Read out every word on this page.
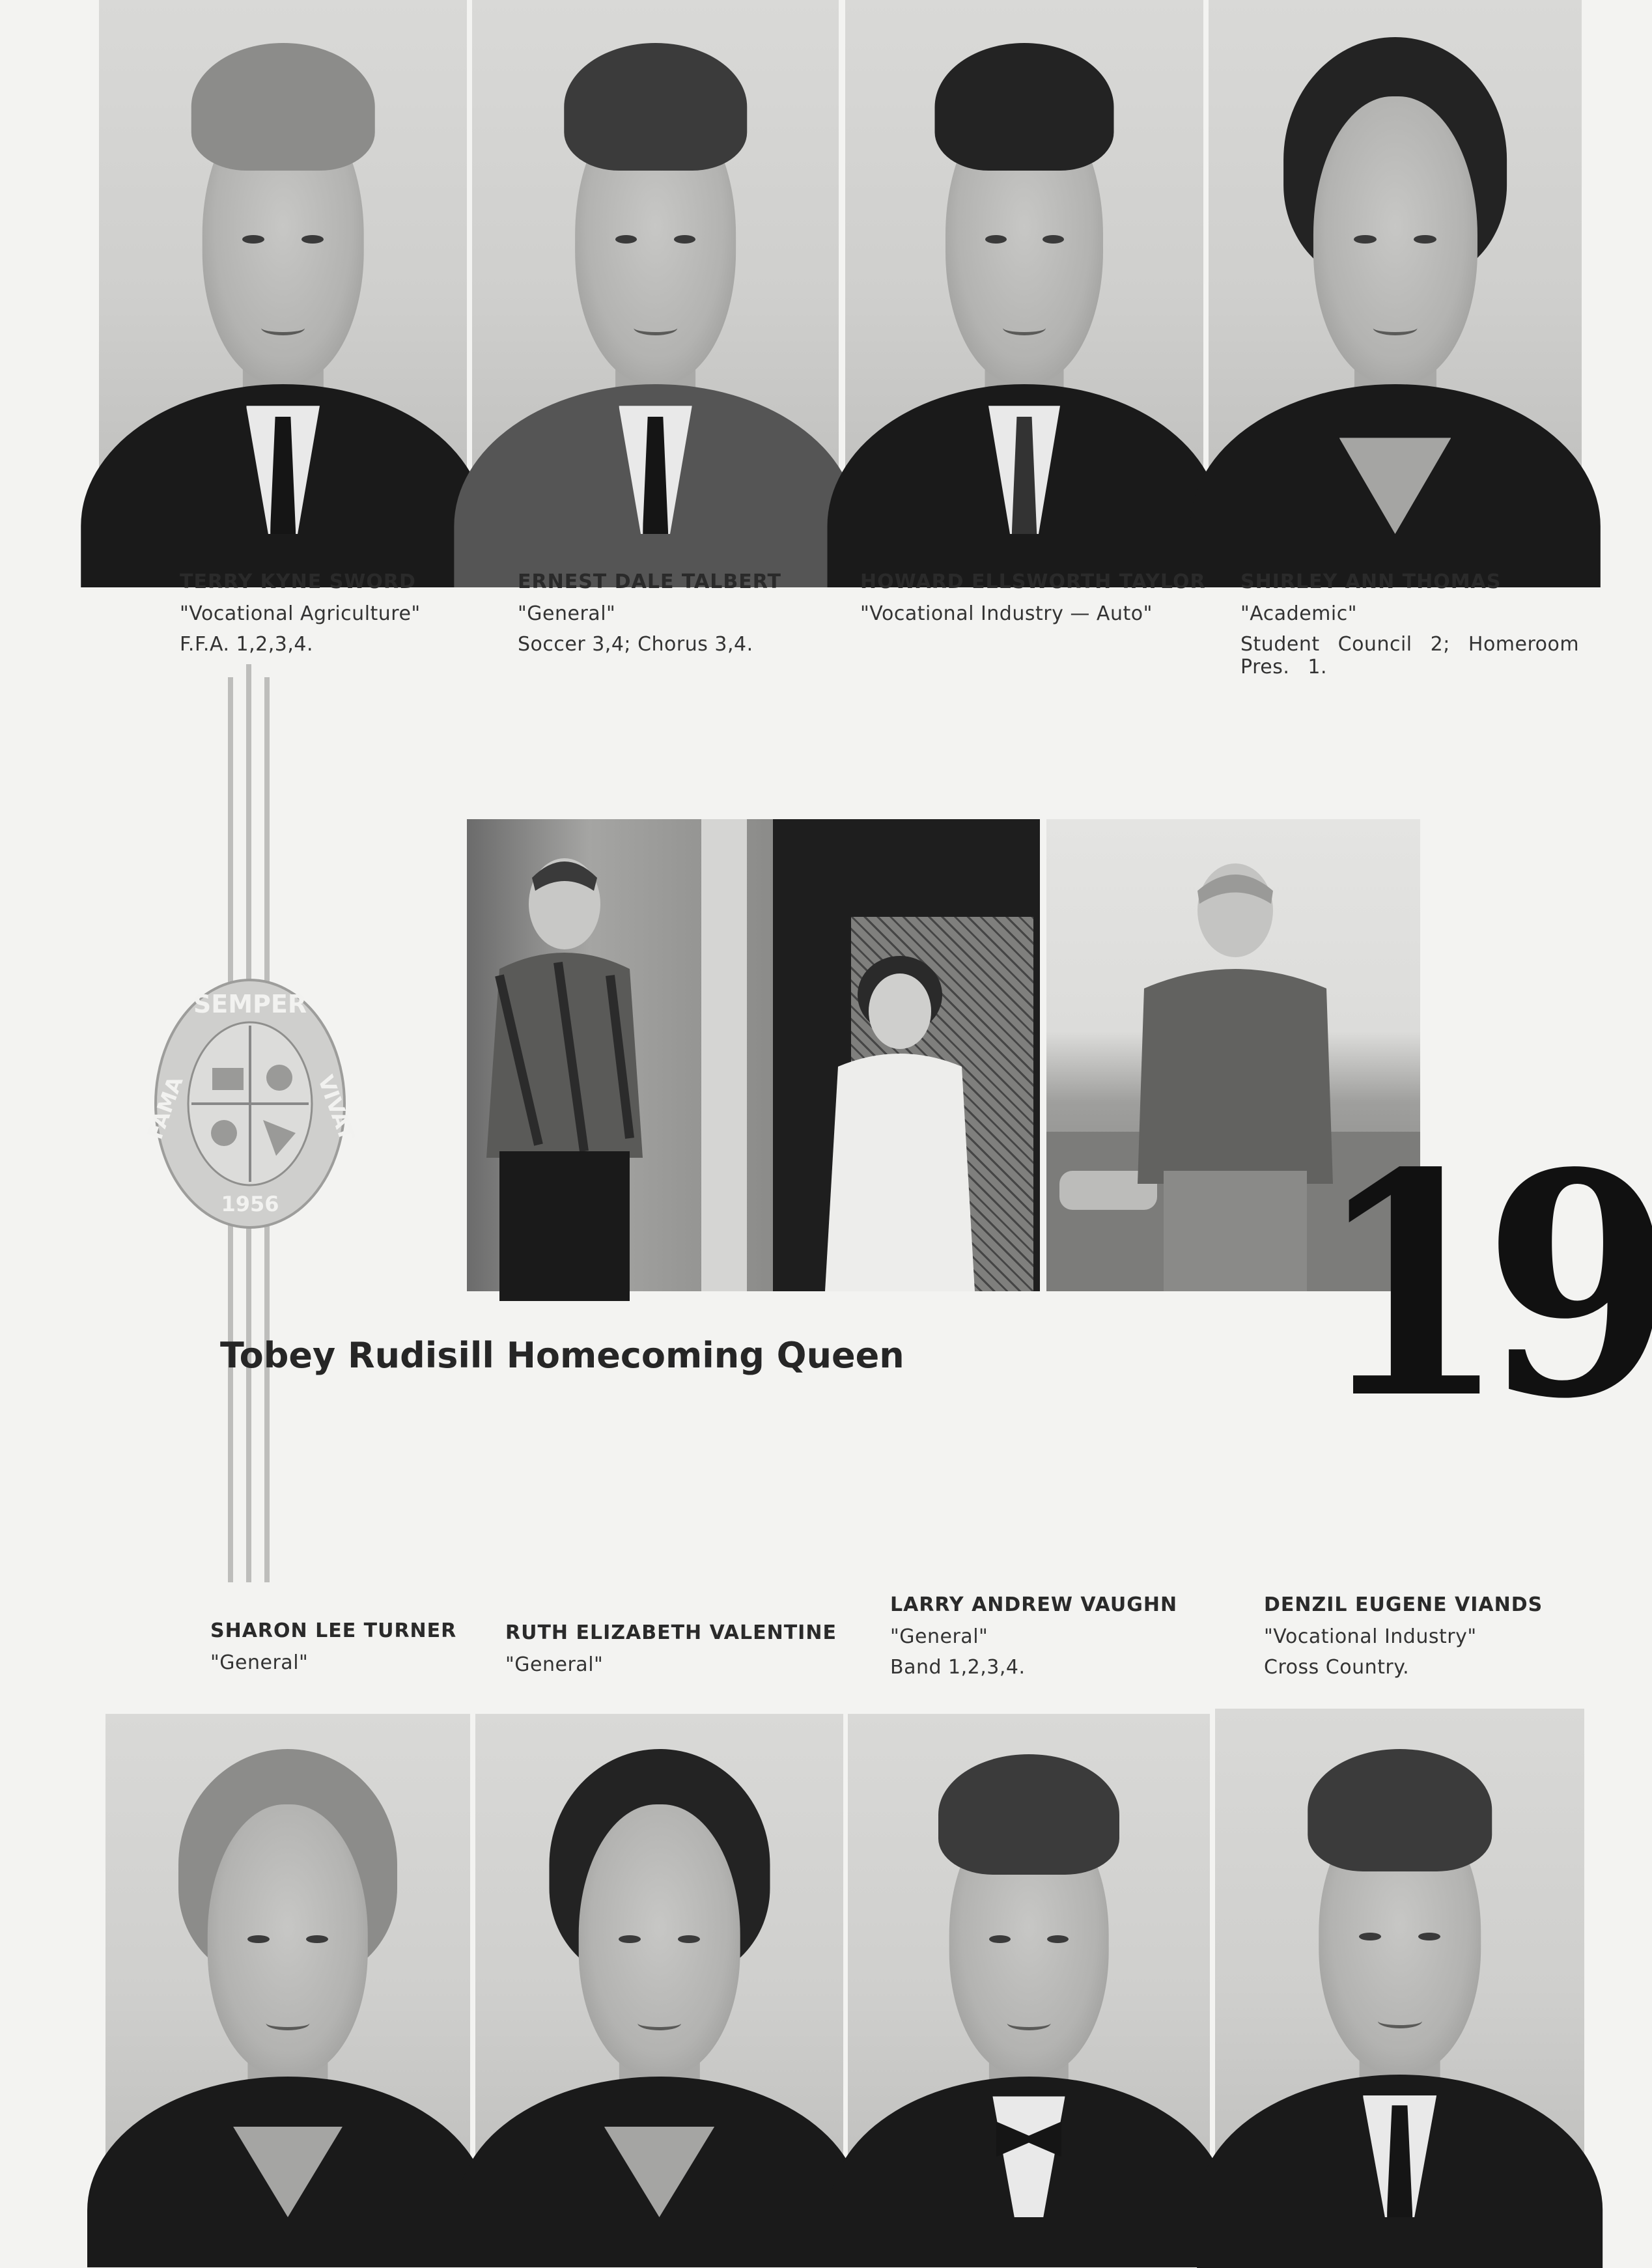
TERRY KYNE SWORD
"Vocational Agriculture"
F.F.A. 1,2,3,4.
ERNEST DALE TALBERT
"General"
Soccer 3,4; Chorus 3,4.
HOWARD ELLSWORTH TAYLOR
"Vocational Industry — Auto"
SHIRLEY ANN THOMAS
"Academic"
Student Council 2; Homeroom Pres. 1.
SEMPER
FAMA	VIVAT
1956	19
Tobey Rudisill Homecoming Queen
SHARON LEE TURNER
"General"
RUTH ELIZABETH VALENTINE
"General"
LARRY ANDREW VAUGHN
"General"
Band 1,2,3,4.
DENZIL EUGENE VIANDS
"Vocational Industry"
Cross Country.
